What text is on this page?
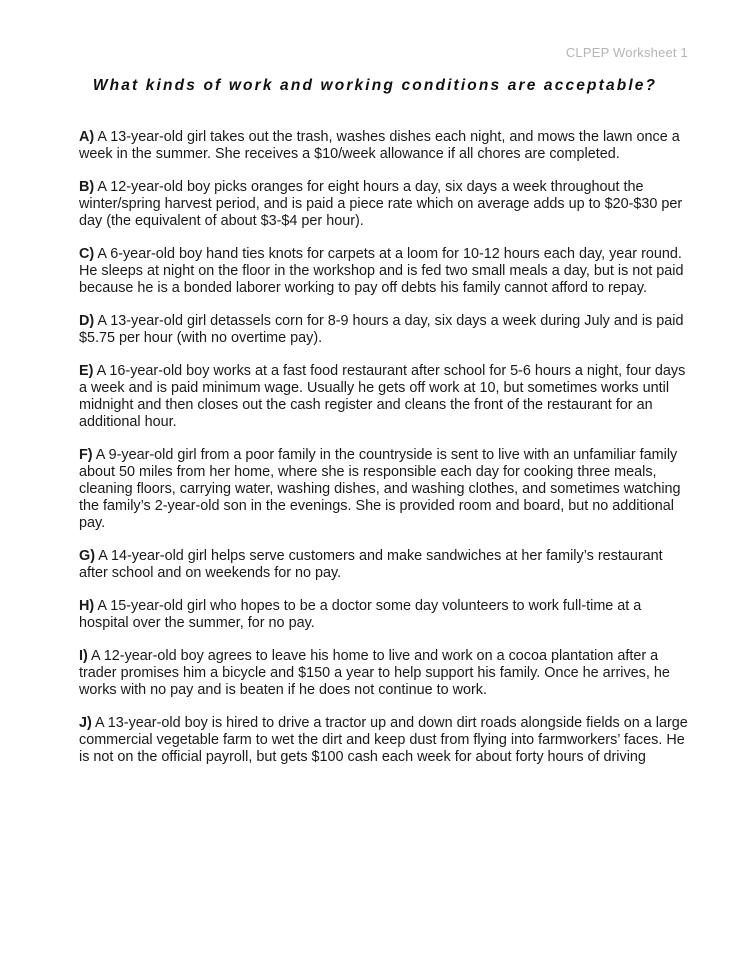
CLPEP Worksheet 1
What kinds of work and working conditions are acceptable?

A) A 13-year-old girl takes out the trash, washes dishes each night, and mows the lawn once a week in the summer. She receives a $10/week allowance if all chores are completed.

B) A 12-year-old boy picks oranges for eight hours a day, six days a week throughout the winter/spring harvest period, and is paid a piece rate which on average adds up to $20-$30 per day (the equivalent of about $3-$4 per hour).

C) A 6-year-old boy hand ties knots for carpets at a loom for 10-12 hours each day, year round. He sleeps at night on the floor in the workshop and is fed two small meals a day, but is not paid because he is a bonded laborer working to pay off debts his family cannot afford to repay.

D) A 13-year-old girl detassels corn for 8-9 hours a day, six days a week during July and is paid $5.75 per hour (with no overtime pay).

E) A 16-year-old boy works at a fast food restaurant after school for 5-6 hours a night, four days a week and is paid minimum wage. Usually he gets off work at 10, but sometimes works until midnight and then closes out the cash register and cleans the front of the restaurant for an additional hour.

F) A 9-year-old girl from a poor family in the countryside is sent to live with an unfamiliar family about 50 miles from her home, where she is responsible each day for cooking three meals, cleaning floors, carrying water, washing dishes, and washing clothes, and sometimes watching the family’s 2-year-old son in the evenings. She is provided room and board, but no additional pay.

G) A 14-year-old girl helps serve customers and make sandwiches at her family’s restaurant after school and on weekends for no pay.

H) A 15-year-old girl who hopes to be a doctor some day volunteers to work full-time at a hospital over the summer, for no pay.

I) A 12-year-old boy agrees to leave his home to live and work on a cocoa plantation after a trader promises him a bicycle and $150 a year to help support his family. Once he arrives, he works with no pay and is beaten if he does not continue to work.

J) A 13-year-old boy is hired to drive a tractor up and down dirt roads alongside fields on a large commercial vegetable farm to wet the dirt and keep dust from flying into farmworkers’ faces. He is not on the official payroll, but gets $100 cash each week for about forty hours of driving
